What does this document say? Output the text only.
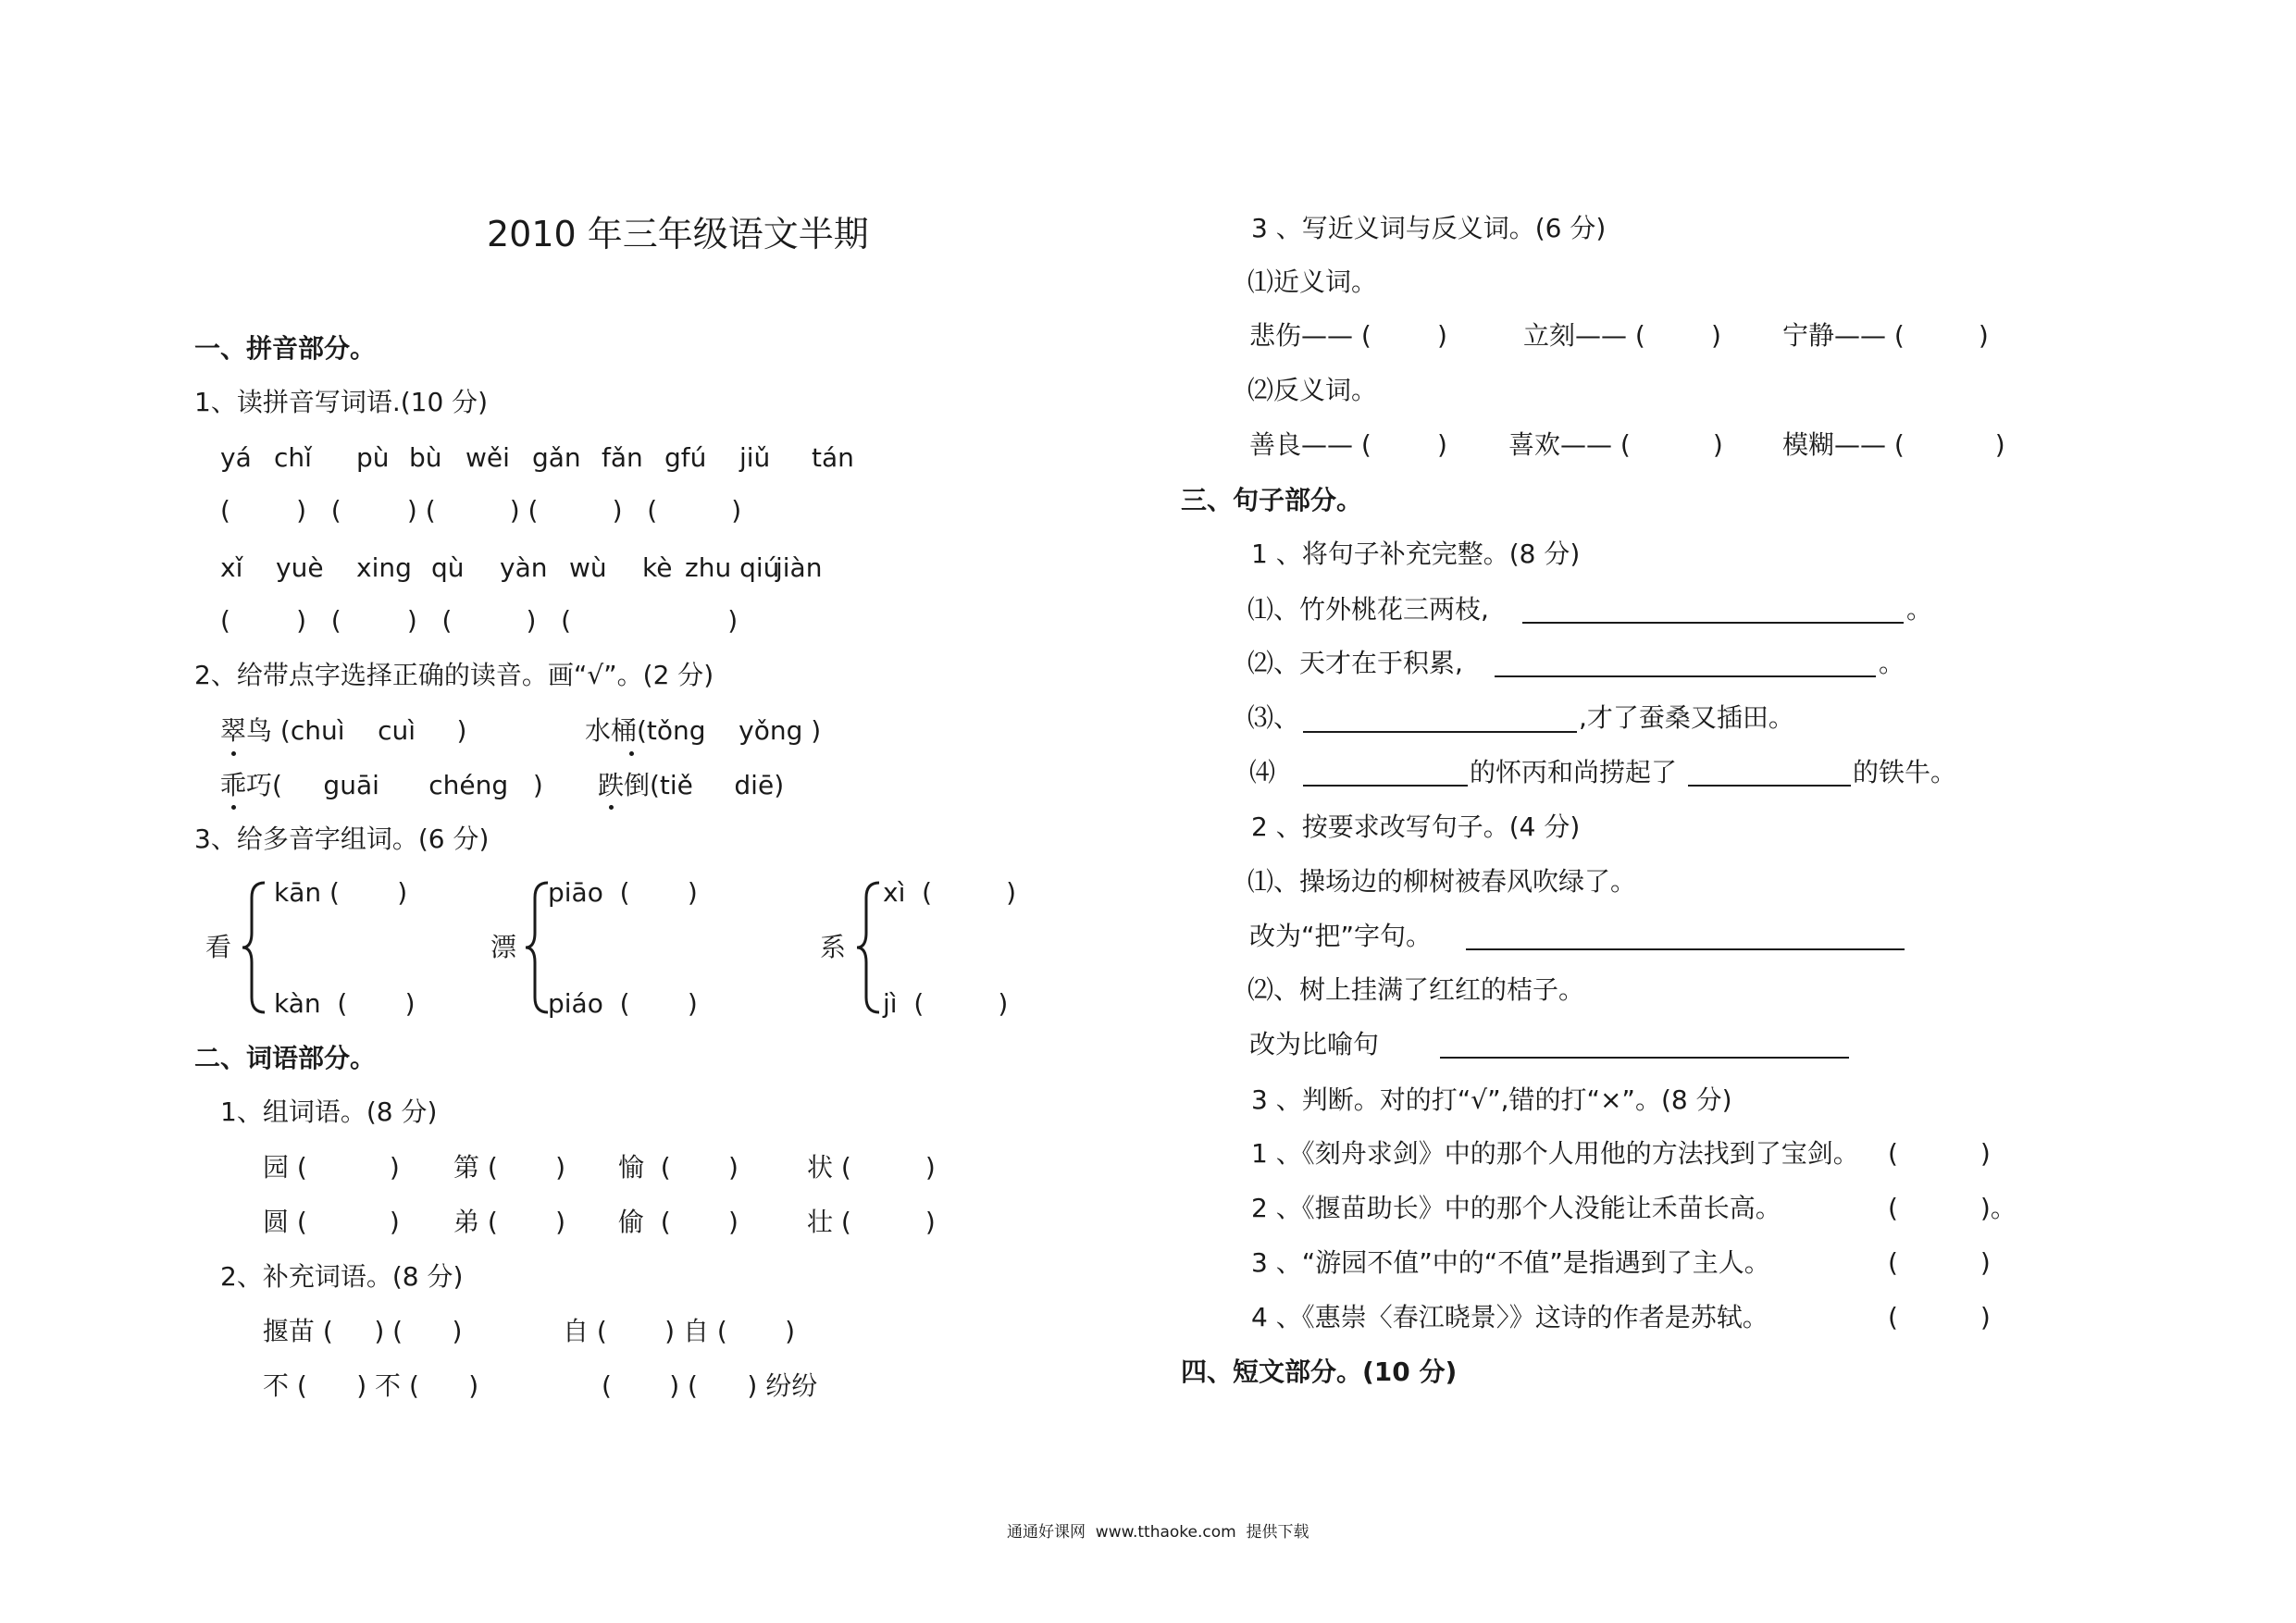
2010 年三年级语文半期
一、拼音部分。
1、读拼音写词语.(10 分)
yá chǐ pù bù wěi gǎn fǎn gfú jiǔ tán
(        )   (        ) (         ) (         )   (         )
xǐ yuè xing qù yàn wù kè zhu qiú
jiàn
(        )   (        )   (         )   (                   )
2、给带点字选择正确的读音。画“√”。(2 分)
翠鸟 (chuì    cuì     )	水桶(tǒng    yǒng )
乖巧(     guāi      chéng   ) 跌倒(tiě     diē)
3、给多音字组词。(6 分)
看
kān (       )
kàn  (       )
漂
piāo  (       )
piáo  (       )
系
xì  (         )
jì  (         )
二、词语部分。
1、组词语。(8 分)
园 (          ) 第 (       ) 愉  (       )	状 (         )
圆 (          ) 弟 (       ) 偷  (       )	壮 (         )
2、补充词语。(8 分)
揠苗 (     ) (      )	自 (       ) 自 (       )
不 (      ) 不 (      )	(       ) (      ) 纷纷
3 、写近义词与反义词。(6 分)
⑴近义词。
悲伤—— (        )	立刻—— (        ) 宁静—— (         )
⑵反义词。
善良—— (        ) 喜欢—— (          ) 模糊—— (           )
三、句子部分。
1 、将句子补充完整。(8 分)
⑴、竹外桃花三两枝,	。
⑵、天才在于积累,	。
⑶、	,才了蚕桑又插田。
⑷	的怀丙和尚捞起了	的铁牛。
2 、按要求改写句子。(4 分)
⑴、操场边的柳树被春风吹绿了。
改为“把”字句。
⑵、树上挂满了红红的桔子。
改为比喻句
3 、判断。对的打“√”,错的打“×”。(8 分)
1 、《刻舟求剑》中的那个人用他的方法找到了宝剑。 (          )
2 、《揠苗助长》中的那个人没能让禾苗长高。	(          )。
3 、“游园不值”中的“不值”是指遇到了主人。	(          )
4 、《惠崇〈春江晓景〉》这诗的作者是苏轼。	(          )
四、短文部分。(10 分)
通通好课网  www.tthaoke.com  提供下载
